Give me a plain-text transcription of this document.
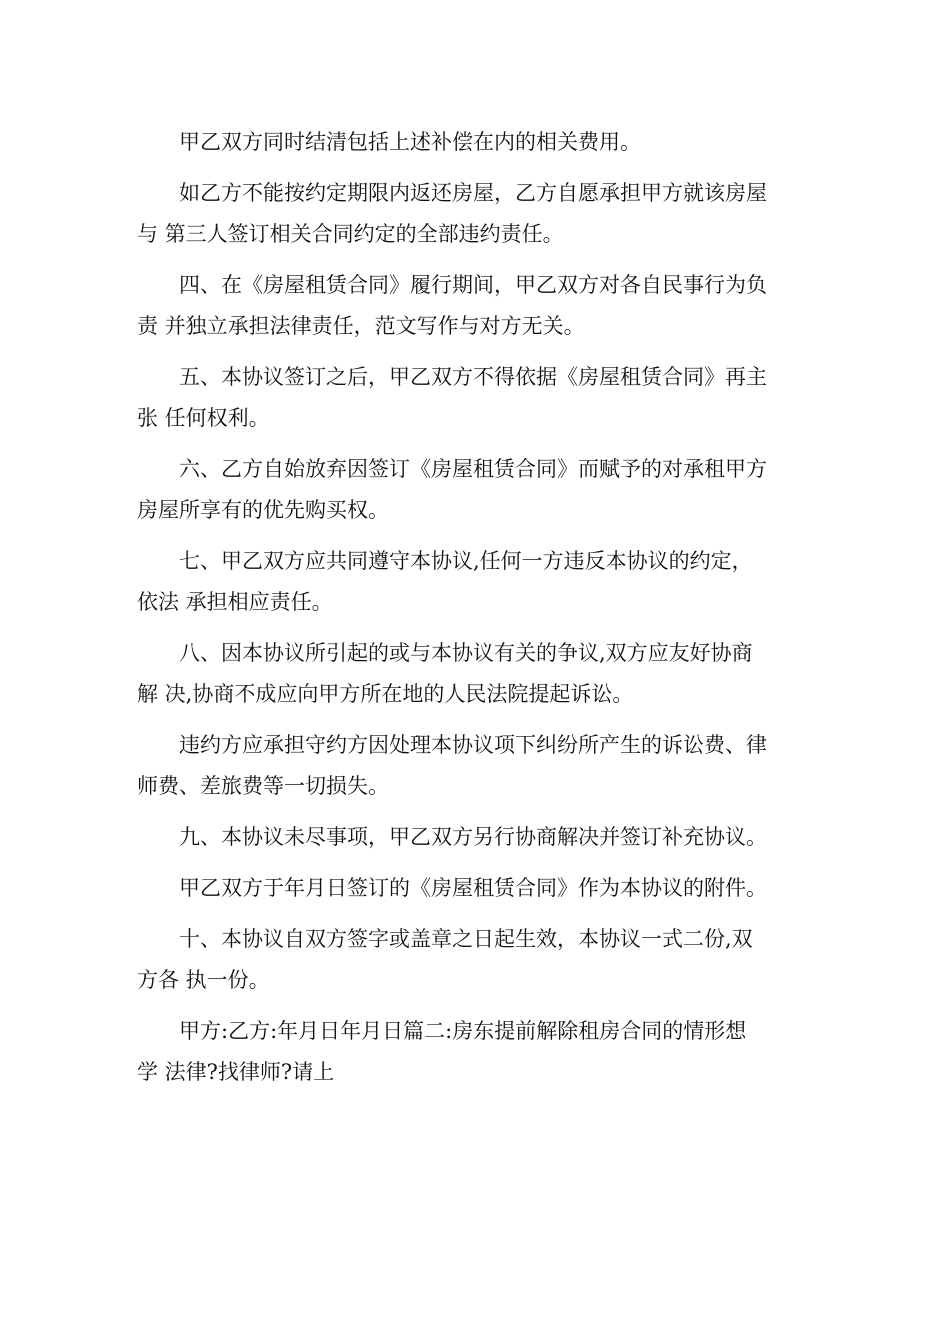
甲乙双方同时结清包括上述补偿在内的相关费用。

如乙方不能按约定期限内返还房屋，乙方自愿承担甲方就该房屋
与 第三人签订相关合同约定的全部违约责任。

四、在《房屋租赁合同》履行期间，甲乙双方对各自民事行为负
责 并独立承担法律责任，范文写作与对方无关。

五、本协议签订之后，甲乙双方不得依据《房屋租赁合同》再主
张 任何权利。

六、乙方自始放弃因签订《房屋租赁合同》而赋予的对承租甲方
房屋所享有的优先购买权。

七、甲乙双方应共同遵守本协议,任何一方违反本协议的约定，
依法 承担相应责任。

八、因本协议所引起的或与本协议有关的争议,双方应友好协商
解 决,协商不成应向甲方所在地的人民法院提起诉讼。

违约方应承担守约方因处理本协议项下纠纷所产生的诉讼费、律
师费、差旅费等一切损失。

九、本协议未尽事项，甲乙双方另行协商解决并签订补充协议。

甲乙双方于年月日签订的《房屋租赁合同》作为本协议的附件。

十、本协议自双方签字或盖章之日起生效，本协议一式二份,双
方各 执一份。

甲方:乙方:年月日年月日篇二:房东提前解除租房合同的情形想
学 法律?找律师?请上
